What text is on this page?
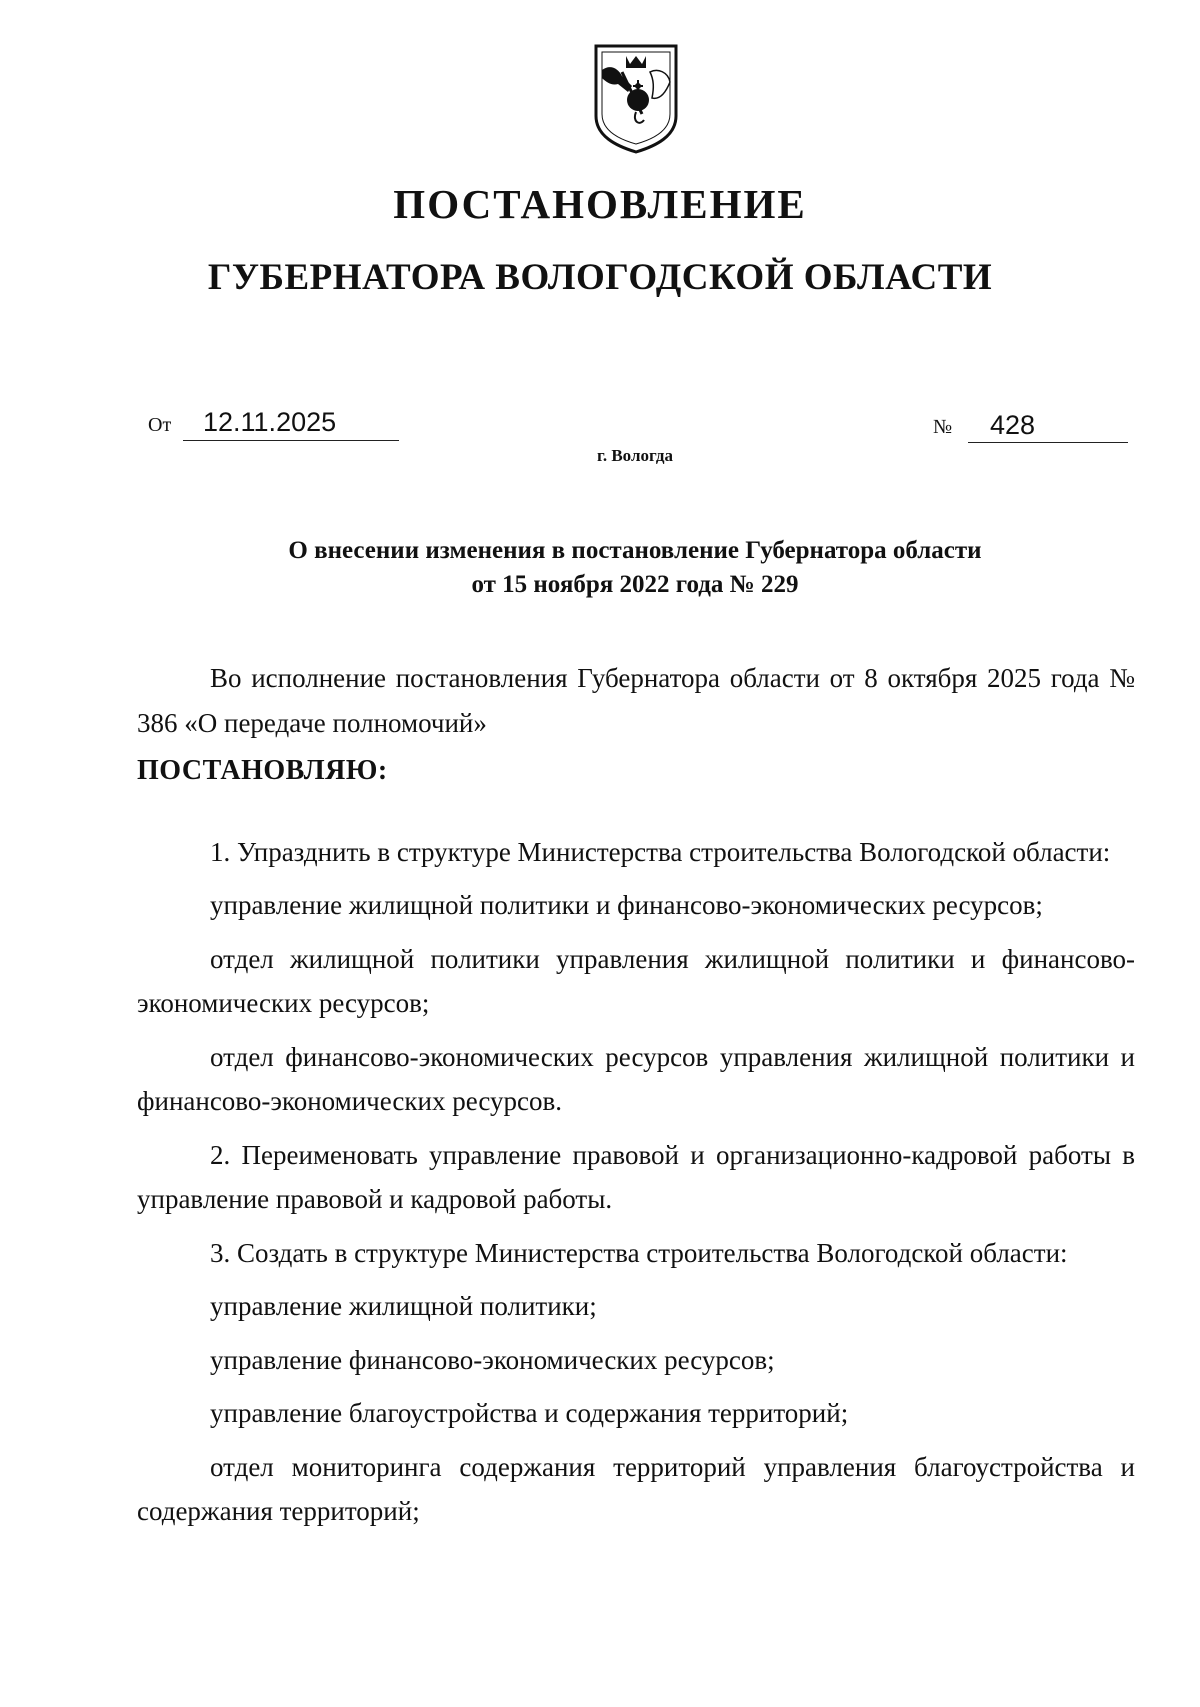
ПОСТАНОВЛЕНИЕ
ГУБЕРНАТОРА ВОЛОГОДСКОЙ ОБЛАСТИ
От 12.11.2025	№ 428
г. Вологда
О внесении изменения в постановление Губернатора области
от 15 ноября 2022 года № 229

Во исполнение постановления Губернатора области от 8 октября 2025 года № 386 «О передаче полномочий»

ПОСТАНОВЛЯЮ:

1. Упразднить в структуре Министерства строительства Вологодской области:

управление жилищной политики и финансово-экономических ресурсов;

отдел жилищной политики управления жилищной политики и финансово-экономических ресурсов;

отдел финансово-экономических ресурсов управления жилищной политики и финансово-экономических ресурсов.

2. Переименовать управление правовой и организационно-кадровой работы в управление правовой и кадровой работы.

3. Создать в структуре Министерства строительства Вологодской области:

управление жилищной политики;

управление финансово-экономических ресурсов;

управление благоустройства и содержания территорий;

отдел мониторинга содержания территорий управления благоустройства и содержания территорий;
